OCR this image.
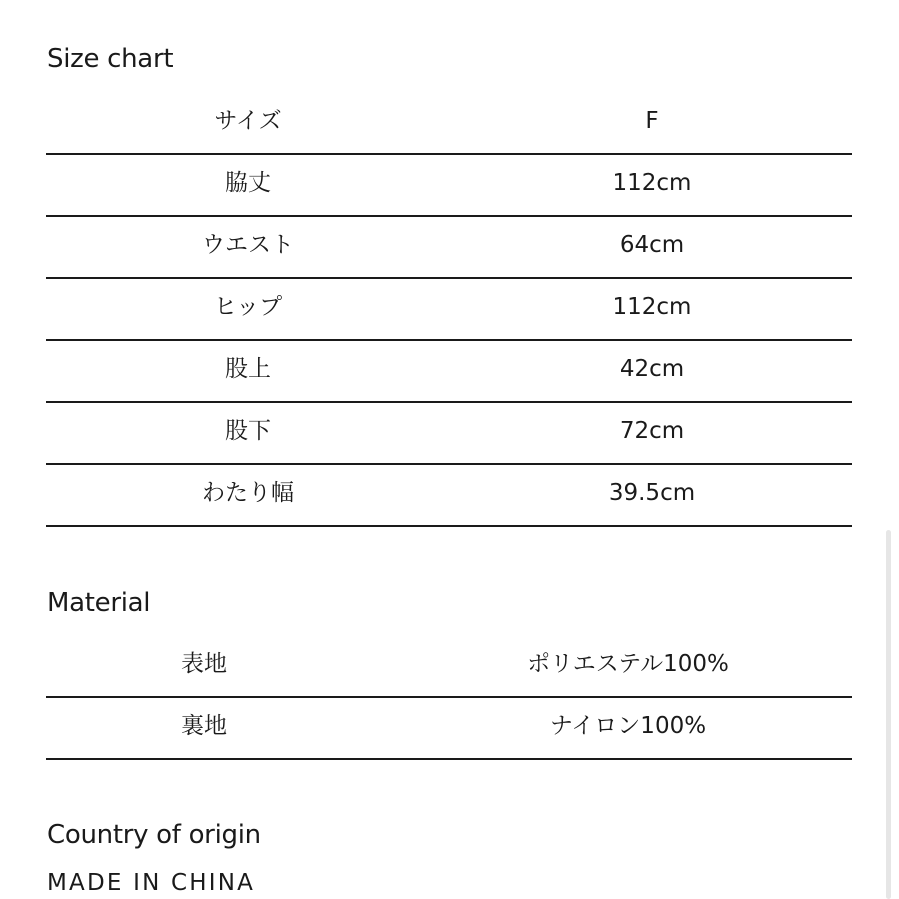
Size chart
サイズ	F
脇丈	112cm
ウエスト	64cm
ヒップ	112cm
股上	42cm
股下	72cm
わたり幅	39.5cm
Material
表地	ポリエステル100%
裏地	ナイロン100%
Country of origin
MADE IN CHINA
